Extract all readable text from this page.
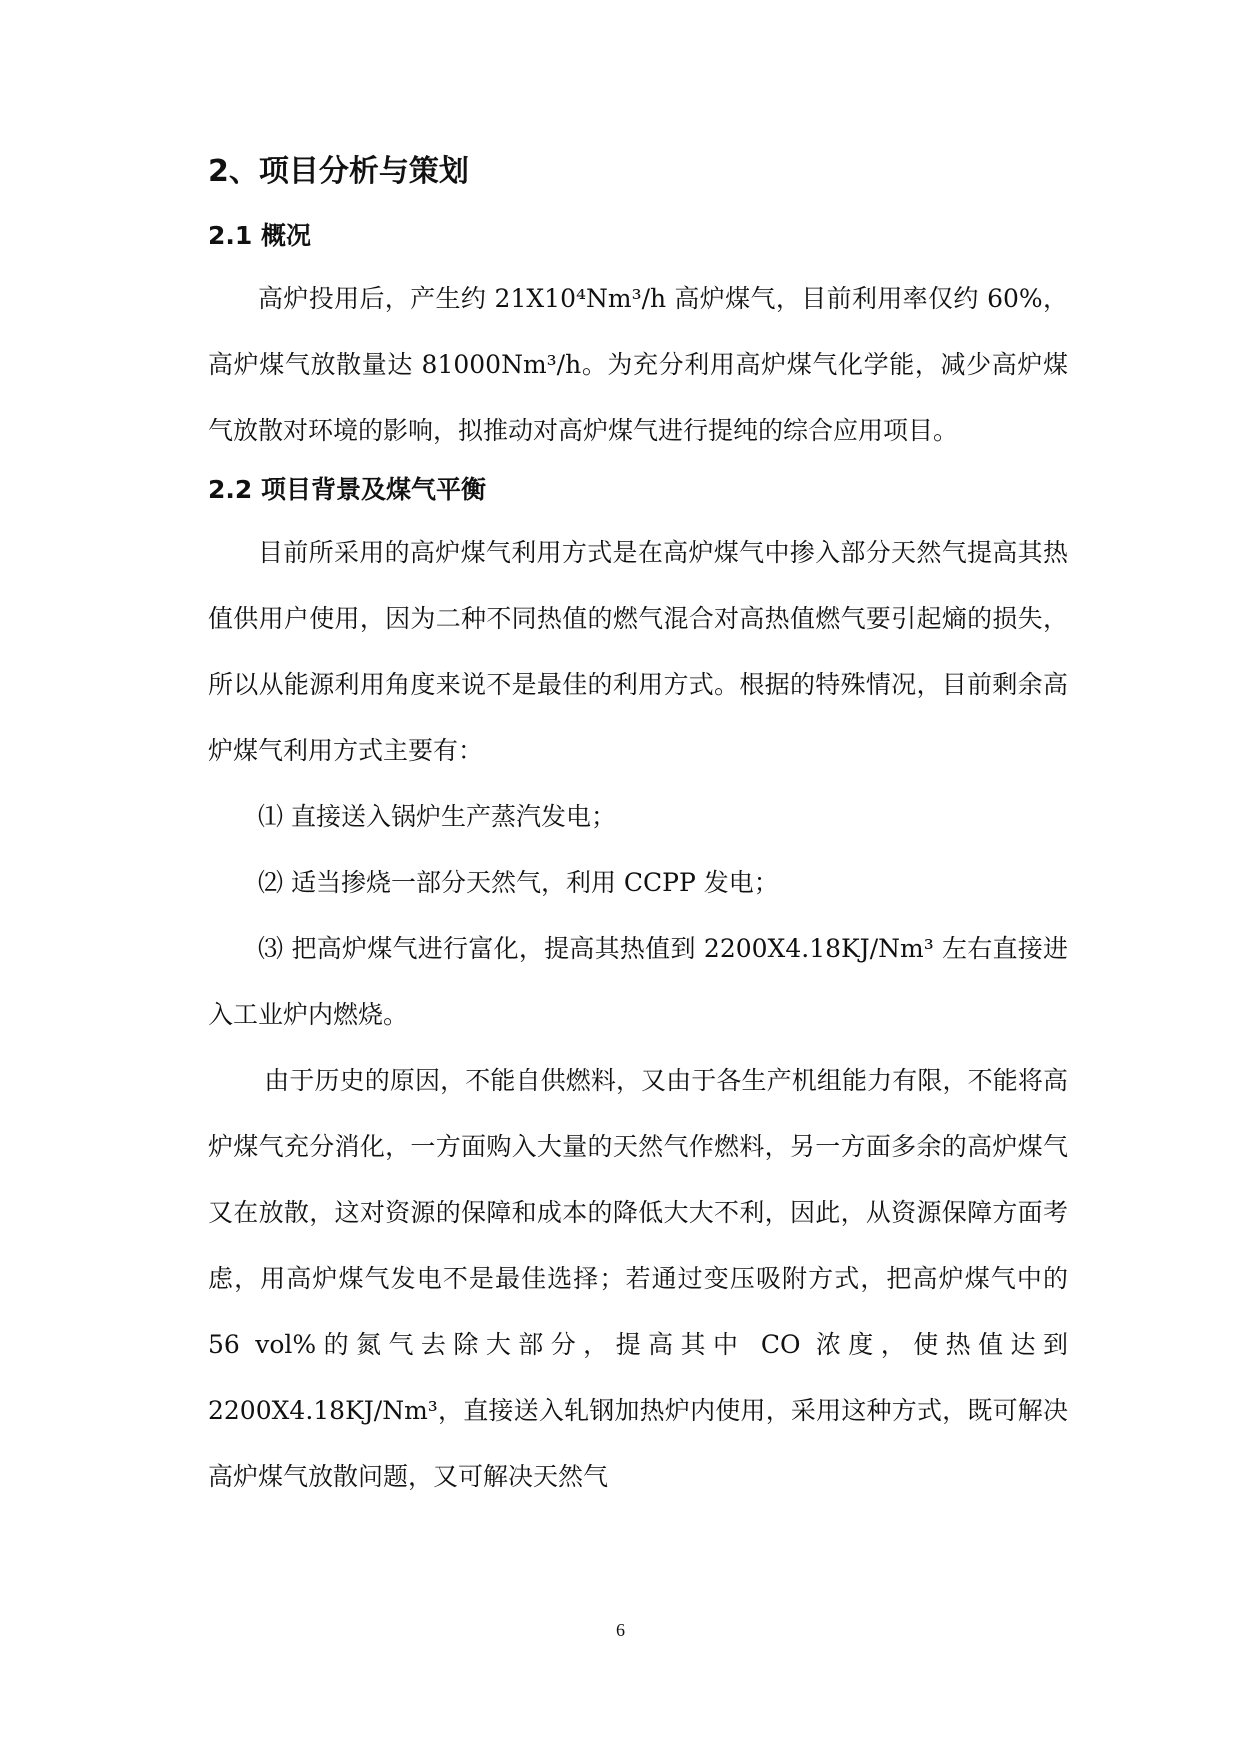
2、项目分析与策划
2.1 概况

高炉投用后，产生约 21X10⁴Nm³/h 高炉煤气，目前利用率仅约 60%，高炉煤气放散量达 81000Nm³/h。为充分利用高炉煤气化学能，减少高炉煤气放散对环境的影响，拟推动对高炉煤气进行提纯的综合应用项目。

2.2 项目背景及煤气平衡

目前所采用的高炉煤气利用方式是在高炉煤气中掺入部分天然气提高其热值供用户使用，因为二种不同热值的燃气混合对高热值燃气要引起熵的损失，所以从能源利用角度来说不是最佳的利用方式。根据的特殊情况，目前剩余高炉煤气利用方式主要有：

⑴ 直接送入锅炉生产蒸汽发电；

⑵ 适当掺烧一部分天然气，利用 CCPP 发电；

⑶ 把高炉煤气进行富化，提高其热值到 2200X4.18KJ/Nm³ 左右直接进入工业炉内燃烧。

由于历史的原因，不能自供燃料，又由于各生产机组能力有限，不能将高炉煤气充分消化，一方面购入大量的天然气作燃料，另一方面多余的高炉煤气又在放散，这对资源的保障和成本的降低大大不利，因此，从资源保障方面考虑，用高炉煤气发电不是最佳选择；若通过变压吸附方式，把高炉煤气中的 56 vol%的氮气去除大部分，提高其中 CO 浓度，使热值达到 2200X4.18KJ/Nm³，直接送入轧钢加热炉内使用，采用这种方式，既可解决高炉煤气放散问题，又可解决天然气

6
